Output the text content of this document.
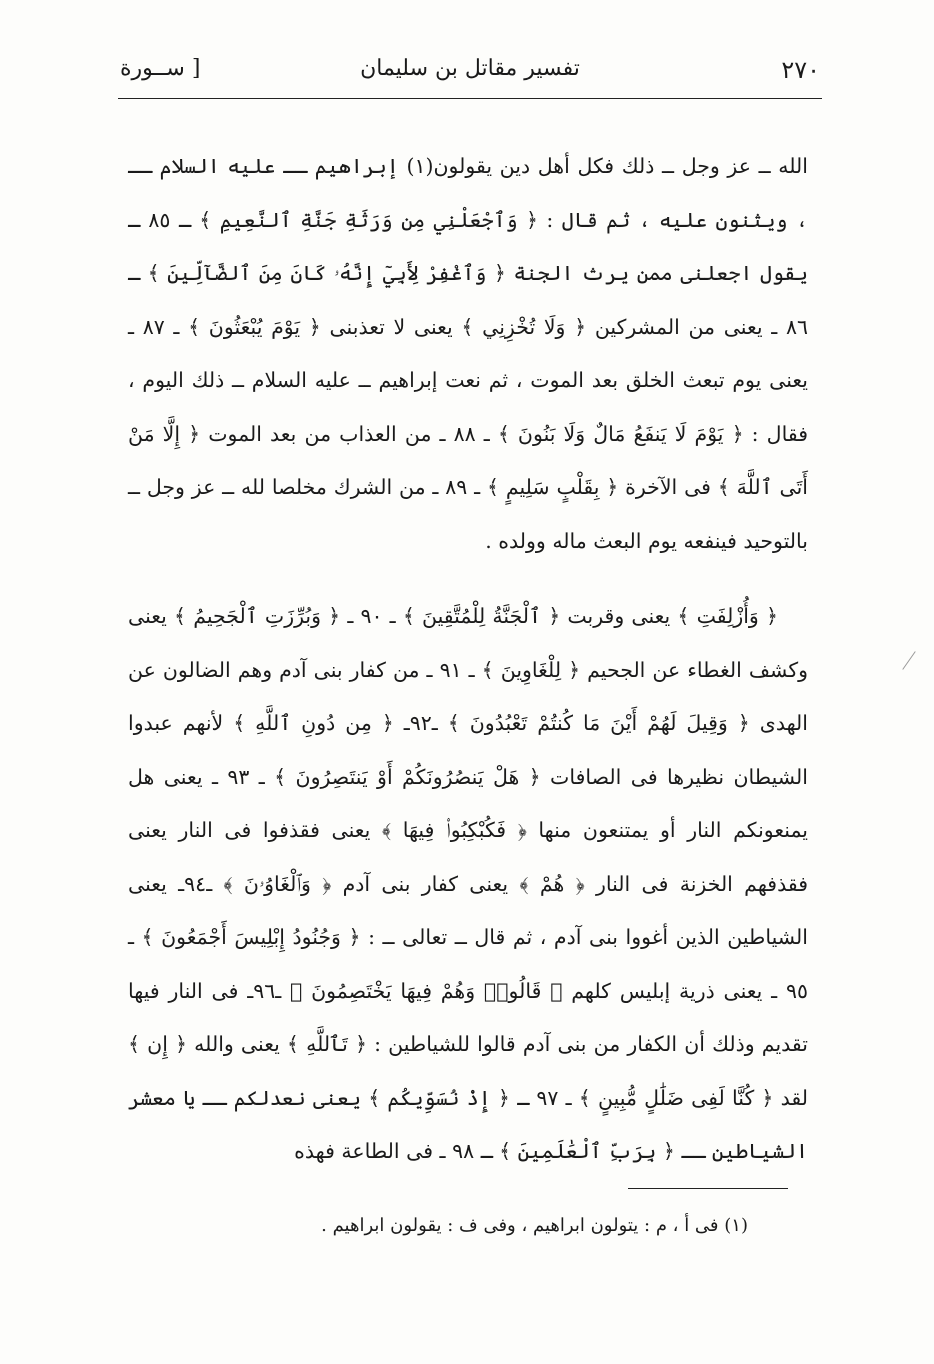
٢٧٠
تفسير مقاتل بن سليمان
[ ســورة

الله ــ عز وجل ــ ذلك فكل أهل دين يقولون(١) إبراهيم ــ عليه السلام ــ ، ويثنون عليه ، ثم قال : ﴿ وَٱجْعَلْنِي مِن وَرَثَةِ جَنَّةِ ٱلنَّعِيمِ ﴾ ـ ٨٥ ـ يقول اجعلنى ممن يرث الجنة ﴿ وَٱغْفِرْ لِأَبِيٓ إِنَّهُۥ كَانَ مِنَ ٱلضَّآلِّينَ ﴾ ـ ٨٦ ـ يعنى من المشركين ﴿ وَلَا تُخْزِنِي ﴾ يعنى لا تعذبنى ﴿ يَوْمَ يُبْعَثُونَ ﴾ ـ ٨٧ ـ يعنى يوم تبعث الخلق بعد الموت ، ثم نعت إبراهيم ــ عليه السلام ــ ذلك اليوم ، فقال : ﴿ يَوْمَ لَا يَنفَعُ مَالٌ وَلَا بَنُونَ ﴾ ـ ٨٨ ـ من العذاب من بعد الموت ﴿ إِلَّا مَنْ أَتَى ٱللَّهَ ﴾ فى الآخرة ﴿ بِقَلْبٍ سَلِيمٍ ﴾ ـ ٨٩ ـ من الشرك مخلصا لله ــ عز وجل ــ بالتوحيد فينفعه يوم البعث ماله وولده .

﴿ وَأُزْلِفَتِ ﴾ يعنى وقربت ﴿ ٱلْجَنَّةُ لِلْمُتَّقِينَ ﴾ ـ ٩٠ ـ ﴿ وَبُرِّزَتِ ٱلْجَحِيمُ ﴾ يعنى وكشف الغطاء عن الجحيم ﴿ لِلْغَاوِينَ ﴾ ـ ٩١ ـ من كفار بنى آدم وهم الضالون عن الهدى ﴿ وَقِيلَ لَهُمْ أَيْنَ مَا كُنتُمْ تَعْبُدُونَ ﴾ ـ٩٢ـ ﴿ مِن دُونِ ٱللَّهِ ﴾ لأنهم عبدوا الشيطان نظيرها فى الصافات ﴿ هَلْ يَنصُرُونَكُمْ أَوْ يَنتَصِرُونَ ﴾ ـ ٩٣ ـ يعنى هل يمنعونكم النار أو يمتنعون منها ﴿ فَكُبْكِبُوا۟ فِيهَا ﴾ يعنى فقذفوا فى النار يعنى فقذفهم الخزنة فى النار ﴿ هُمْ ﴾ يعنى كفار بنى آدم ﴿ وَٱلْغَاوُۥنَ ﴾ ـ٩٤ـ يعنى الشياطين الذين أغووا بنى آدم ، ثم قال ــ تعالى ــ : ﴿ وَجُنُودُ إِبْلِيسَ أَجْمَعُونَ ﴾ ـ ٩٥ ـ يعنى ذرية إبليس كلهم ﴿ قَالُوا۟ وَهُمْ فِيهَا يَخْتَصِمُونَ ﴾ ـ٩٦ـ فى النار فيها تقديم وذلك أن الكفار من بنى آدم قالوا للشياطين : ﴿ تَٱللَّهِ ﴾ يعنى والله ﴿ إِن ﴾ لقد ﴿ كُنَّا لَفِى ضَلَٰلٍ مُّبِينٍ ﴾ ـ ٩٧ ـ ﴿ إِذْ نُسَوِّيكُم ﴾ يعنى نعدلكم ــ يا معشر الشياطين ــ ﴿ بِرَبِّ ٱلْعَٰلَمِينَ ﴾ ـ ٩٨ ـ فى الطاعة فهذه

(١) فى أ ، م : يتولون ابراهيم ، وفى ف : يقولون ابراهيم .
